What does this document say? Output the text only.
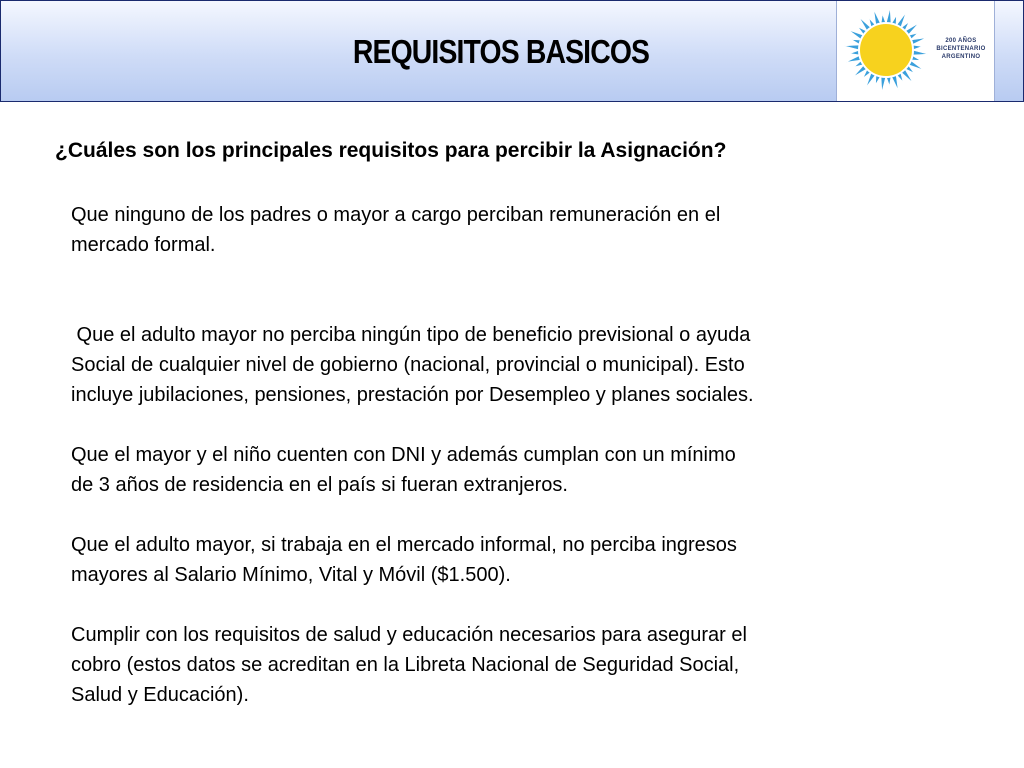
REQUISITOS BASICOS	200 AÑOS
BICENTENARIO
ARGENTINO
¿Cuáles son los principales requisitos para percibir la Asignación?

Que ninguno de los padres o mayor a cargo perciban remuneración en el
mercado formal.

Que el adulto mayor no perciba ningún tipo de beneficio previsional o ayuda
Social de cualquier nivel de gobierno (nacional, provincial o municipal). Esto
incluye jubilaciones, pensiones, prestación por Desempleo y planes sociales.

Que el mayor y el niño cuenten con DNI y además cumplan con un mínimo
de 3 años de residencia en el país si fueran extranjeros.

Que el adulto mayor, si trabaja en el mercado informal, no perciba ingresos
mayores al Salario Mínimo, Vital y Móvil ($1.500).

Cumplir con los requisitos de salud y educación necesarios para asegurar el
cobro (estos datos se acreditan en la Libreta Nacional de Seguridad Social,
Salud y Educación).
